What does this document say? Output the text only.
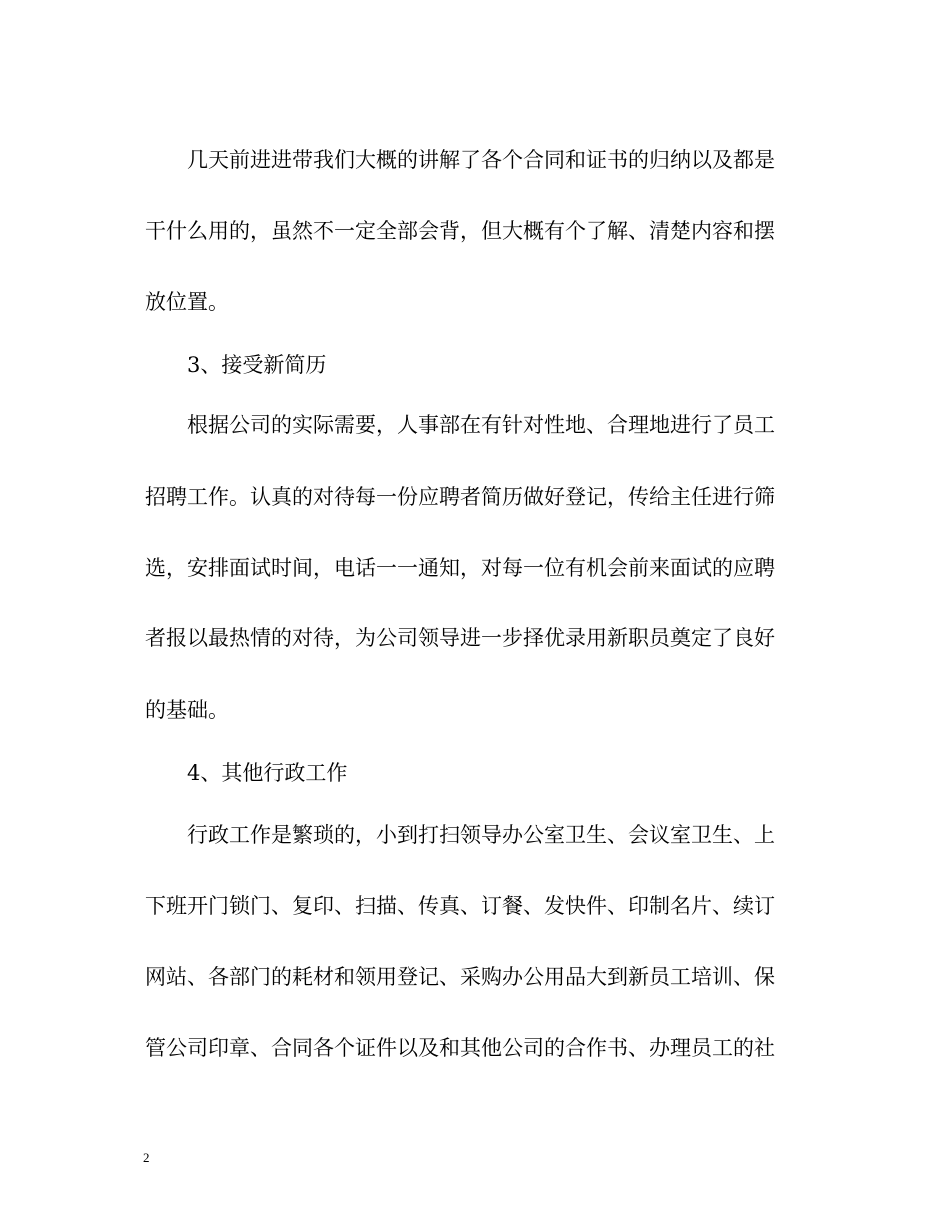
几天前进进带我们大概的讲解了各个合同和证书的归纳以及都是

干什么用的，虽然不一定全部会背，但大概有个了解、清楚内容和摆

放位置。

3、接受新简历

根据公司的实际需要，人事部在有针对性地、合理地进行了员工

招聘工作。认真的对待每一份应聘者简历做好登记，传给主任进行筛

选，安排面试时间，电话一一通知，对每一位有机会前来面试的应聘

者报以最热情的对待，为公司领导进一步择优录用新职员奠定了良好

的基础。

4、其他行政工作

行政工作是繁琐的，小到打扫领导办公室卫生、会议室卫生、上

下班开门锁门、复印、扫描、传真、订餐、发快件、印制名片、续订

网站、各部门的耗材和领用登记、采购办公用品大到新员工培训、保

管公司印章、合同各个证件以及和其他公司的合作书、办理员工的社

2
